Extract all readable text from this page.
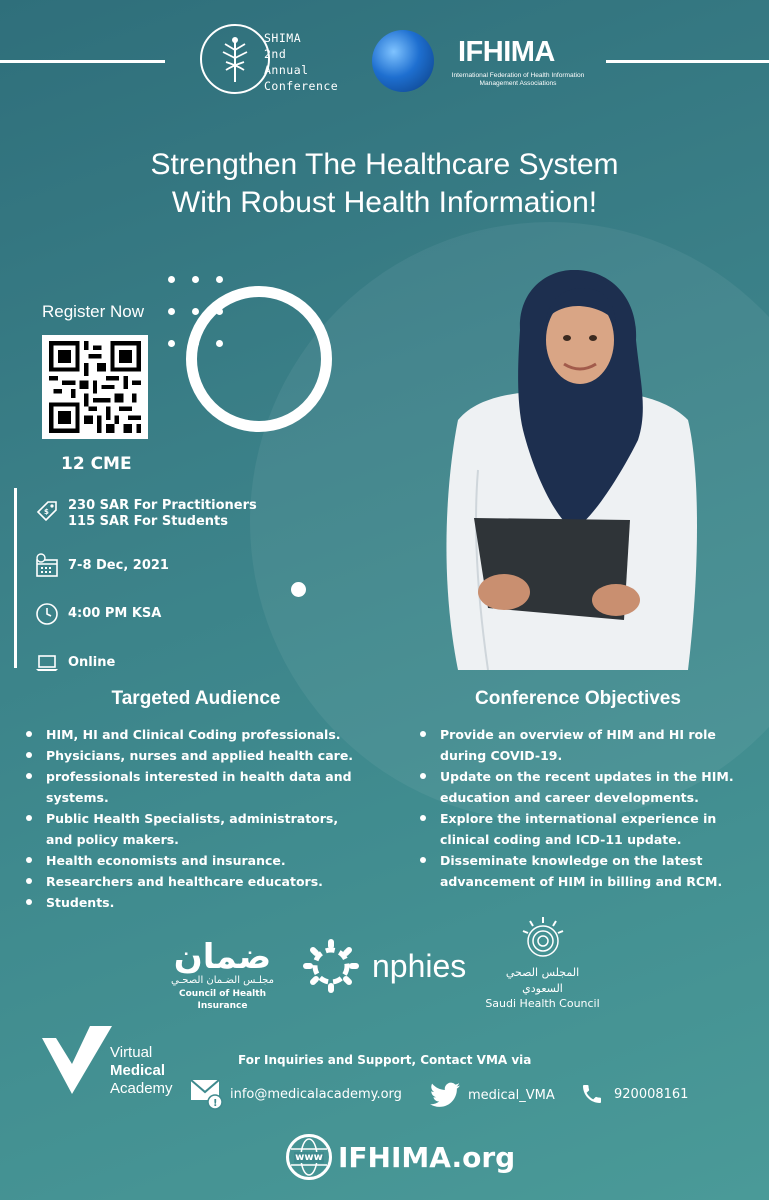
SHIMA
2nd
Annual
Conference
IFHIMA
International Federation of Health Information Management Associations
Strengthen The Healthcare System
With Robust Health Information!
Register Now
12 CME
$ 230 SAR For Practitioners
115 SAR For Students
7-8 Dec, 2021
4:00 PM KSA
Online
Targeted Audience
HIM, HI and Clinical Coding professionals.
Physicians, nurses and applied health care.
professionals interested in health data and systems.
Public Health Specialists, administrators, and policy makers.
Health economists and insurance.
Researchers and healthcare educators.
Students.
Conference Objectives
Provide an overview of HIM and HI role during COVID-19.
Update on the recent updates in the HIM. education and career developments.
Explore the international experience in clinical coding and ICD-11 update.
Disseminate knowledge on the latest advancement of HIM in billing and RCM.
ضمان
مجلـس الضـمان الصحـي
Council of Health Insurance
nphies	المجلس الصحي السعودي
Saudi Health Council
Virtual
Medical
Academy
For Inquiries and Support, Contact VMA via
!
info@medicalacademy.org	medical_VMA	920008161
www IFHIMA.org
